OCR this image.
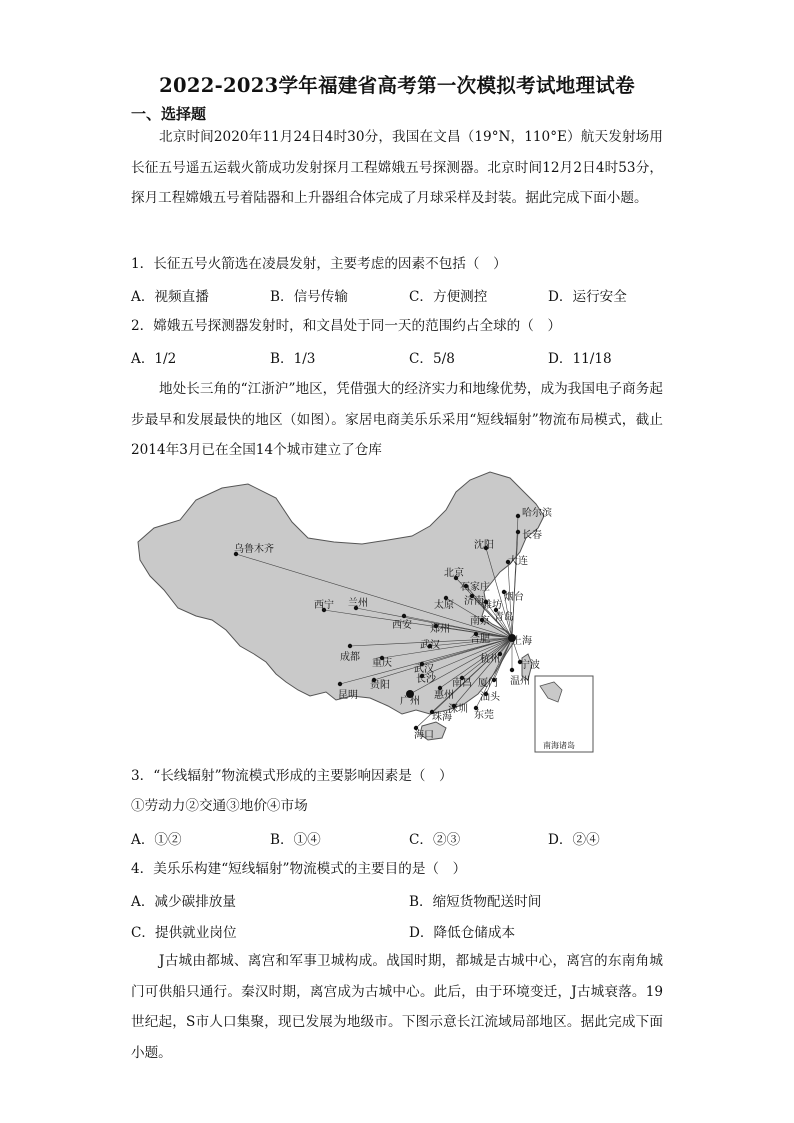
2022-2023学年福建省高考第一次模拟考试地理试卷
一、选择题
北京时间2020年11月24日4时30分，我国在文昌（19°N，110°E）航天发射场用长征五号遥五运载火箭成功发射探月工程嫦娥五号探测器。北京时间12月2日4时53分，探月工程嫦娥五号着陆器和上升器组合体完成了月球采样及封装。据此完成下面小题。
1．长征五号火箭选在凌晨发射，主要考虑的因素不包括（　）
A．视频直播	B．信号传输	C．方便测控	D．运行安全
2．嫦娥五号探测器发射时，和文昌处于同一天的范围约占全球的（　）
A．1/2	B．1/3	C．5/8	D．11/18
地处长三角的“江浙沪”地区，凭借强大的经济实力和地缘优势，成为我国电子商务起步最早和发展最快的地区（如图）。家居电商美乐乐采用“短线辐射”物流布局模式，截止2014年3月已在全国14个城市建立了仓库
南海诸岛
哈尔滨
长春
沈阳
大连
北京
石家庄
太原 济南
潍坊
烟台
青岛
乌鲁木齐
西宁 兰州
西安 郑州
南京
上海
合肥
成都
重庆
武汉
杭州
宁波
温州
武汉
南昌
贵阳
长沙	厦门
昆明
广州
惠州	汕头
深圳
东莞
珠海
海口
3．“长线辐射”物流模式形成的主要影响因素是（　）
①劳动力②交通③地价④市场
A．①②	B．①④	C．②③	D．②④
4．美乐乐构建“短线辐射”物流模式的主要目的是（　）
A．减少碳排放量	B．缩短货物配送时间
C．提供就业岗位	D．降低仓储成本
J古城由都城、离宫和军事卫城构成。战国时期，都城是古城中心，离宫的东南角城门可供船只通行。秦汉时期，离宫成为古城中心。此后，由于环境变迁，J古城衰落。19世纪起，S市人口集聚，现已发展为地级市。下图示意长江流域局部地区。据此完成下面小题。
